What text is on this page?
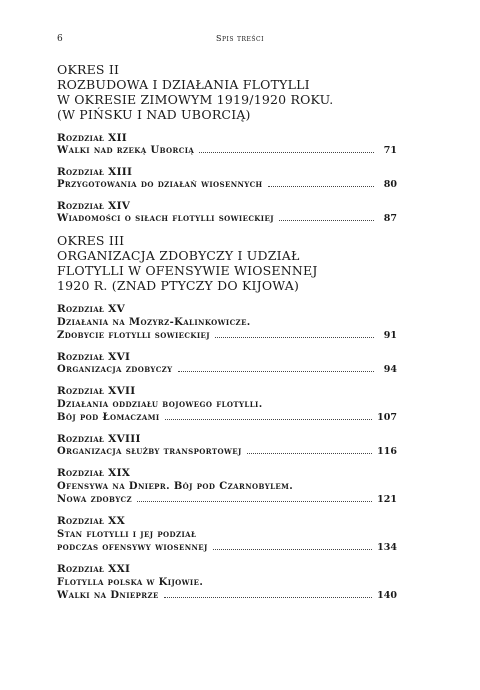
6	Spis treści
OKRES II
ROZBUDOWA I DZIAŁANIA FLOTYLLI
W OKRESIE ZIMOWYM 1919/1920 ROKU.
(W PIŃSKU I NAD UBORCIĄ)
Rozdział XII
Walki nad rzeką Uborcią	71
Rozdział XIII
Przygotowania do działań wiosennych	80
Rozdział XIV
Wiadomości o siłach flotylli sowieckiej	87
OKRES III
ORGANIZACJA ZDOBYCZY I UDZIAŁ
FLOTYLLI W OFENSYWIE WIOSENNEJ
1920 R. (ZNAD PTYCZY DO KIJOWA)
Rozdział XV
Działania na Mozyrz-Kalinkowicze.
Zdobycie flotylli sowieckiej	91
Rozdział XVI
Organizacja zdobyczy	94
Rozdział XVII
Działania oddziału bojowego flotylli.
Bój pod Łomaczami	107
Rozdział XVIII
Organizacja służby transportowej	116
Rozdział XIX
Ofensywa na Dniepr. Bój pod Czarnobylem.
Nowa zdobycz	121
Rozdział XX
Stan flotylli i jej podział
podczas ofensywy wiosennej	134
Rozdział XXI
Flotylla polska w Kijowie.
Walki na Dnieprze	140
